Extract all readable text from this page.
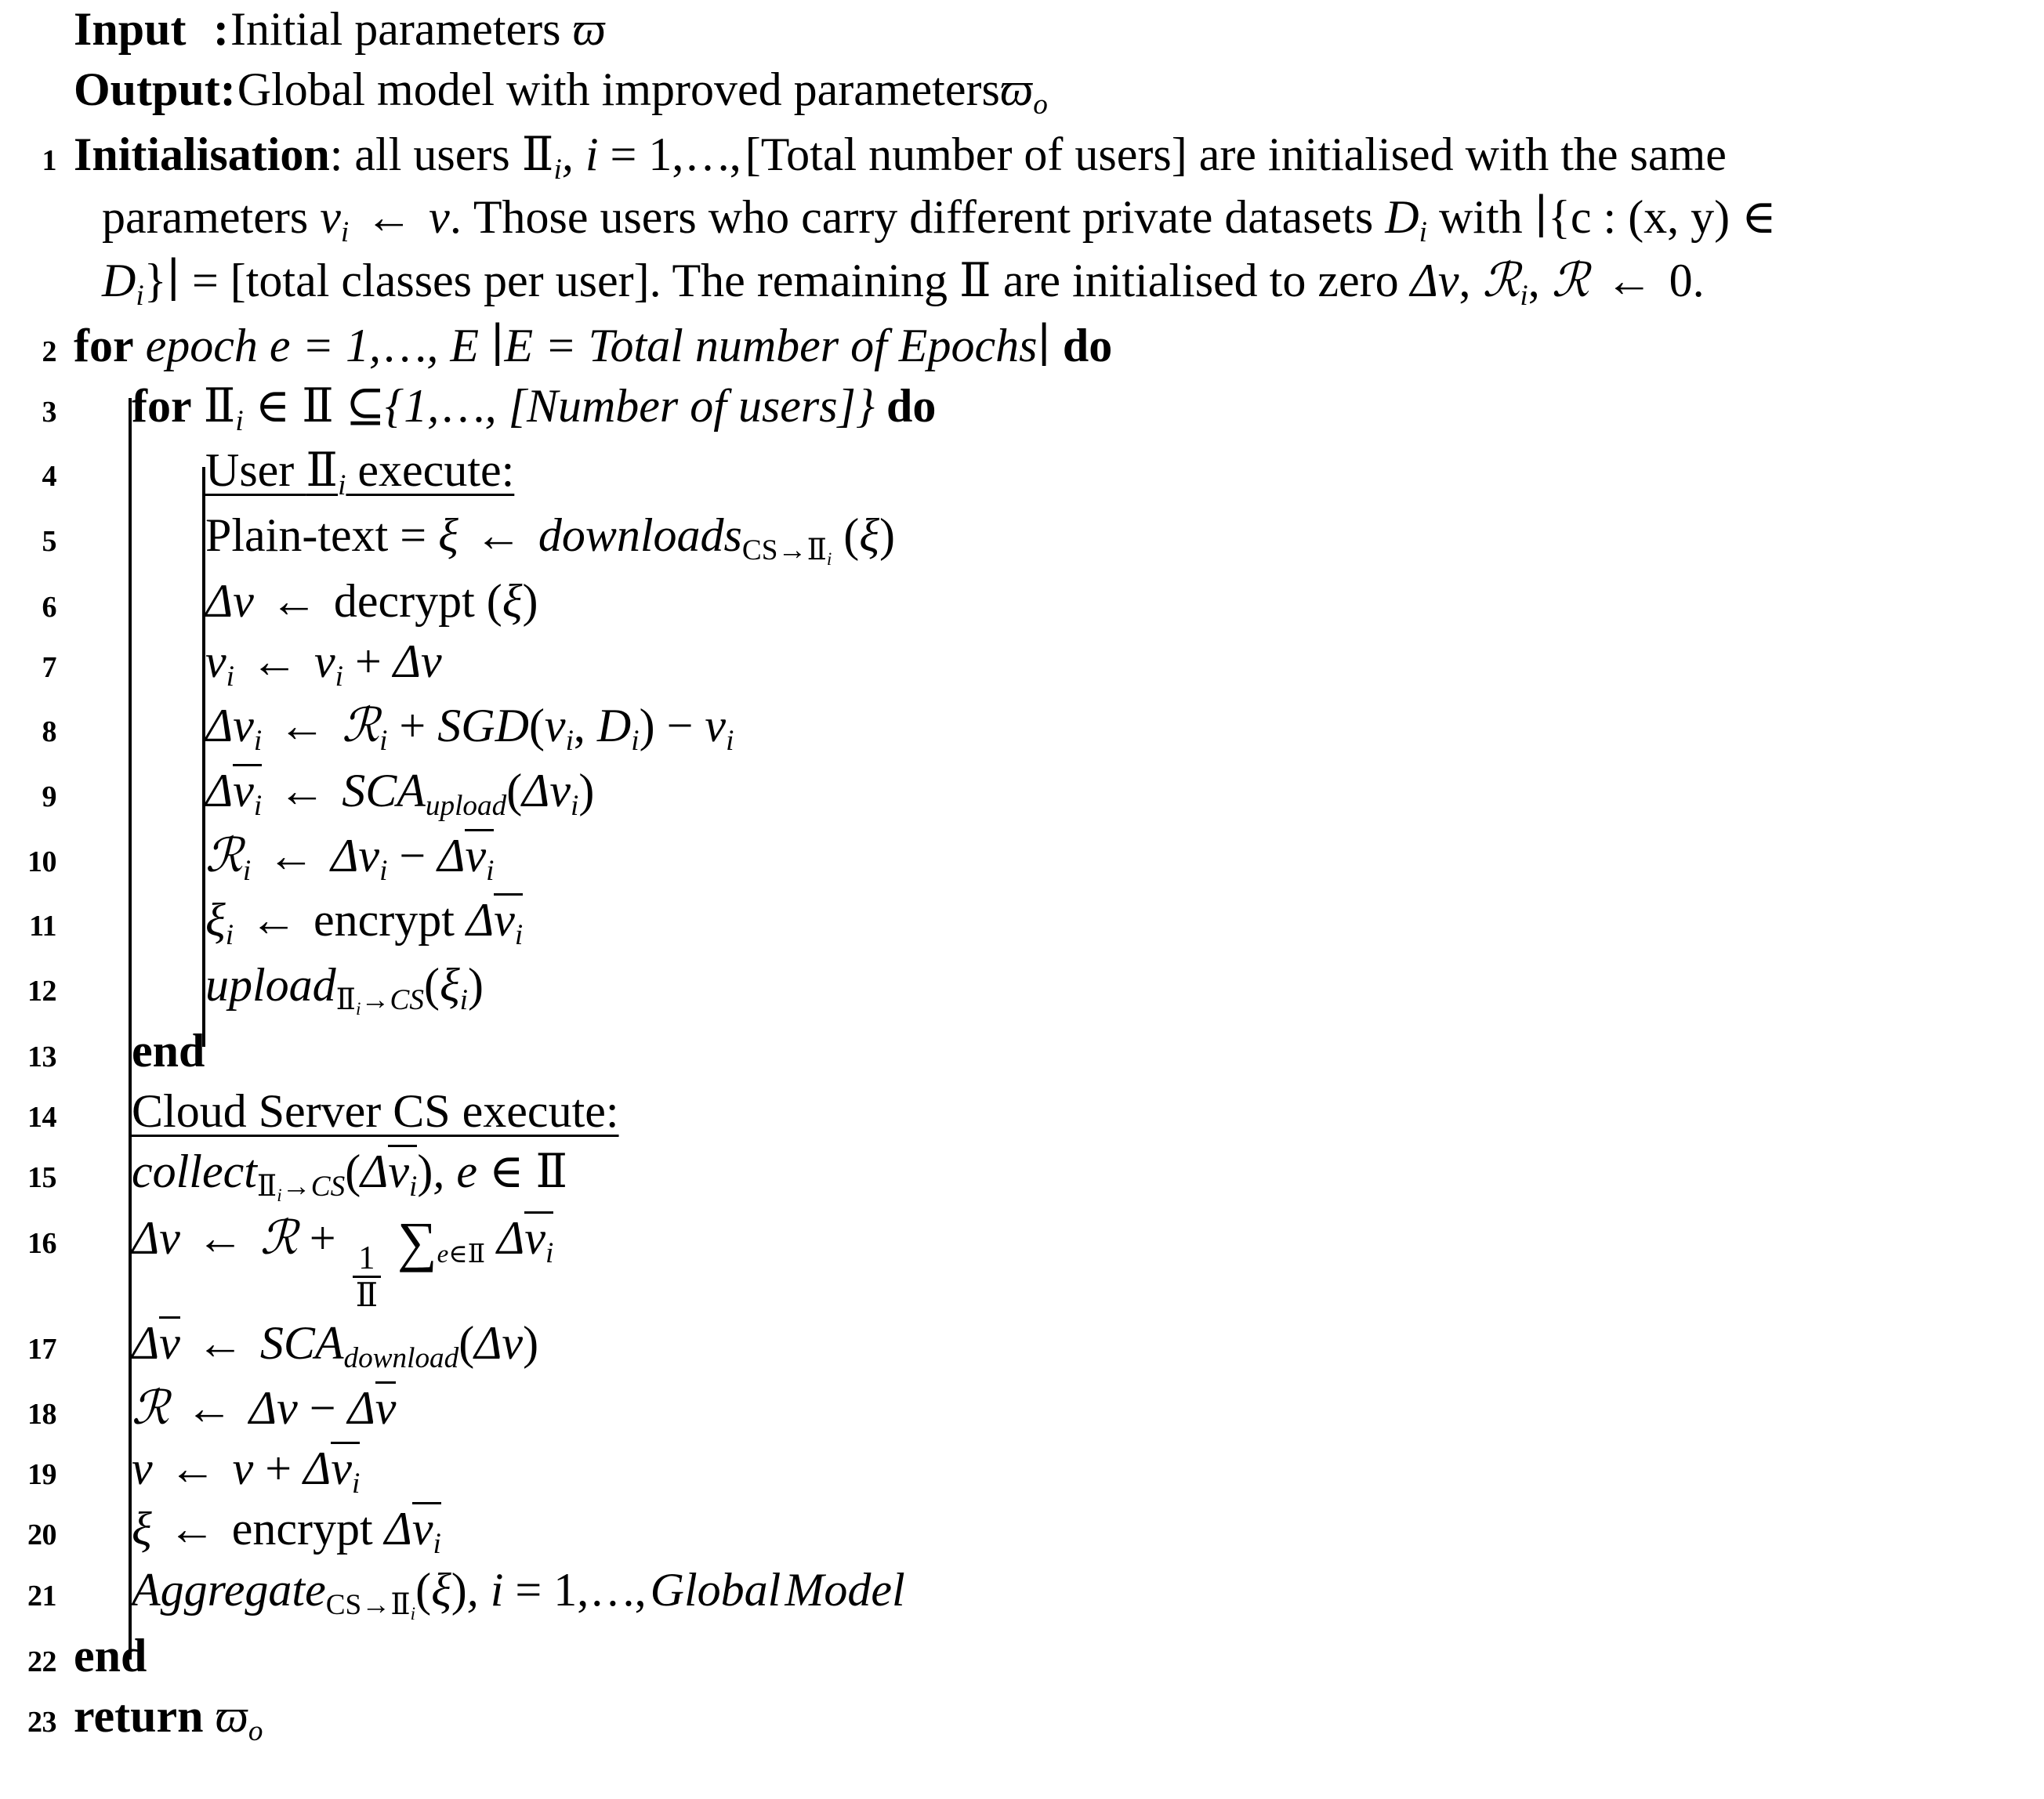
Input : Initial parameters ϖ
Output : Global model with improved parametersϖ$_o$
1 Initialisation: all users $Ⅱ_i$, i = 1, …, [Total number of users] are initialised with the same
parameters $\nu_i$ ← ν. Those users who carry different private datasets $D_i$ with ∣{c : (x, y) ∈
$D_i\}∣$ = [total classes per user]. The remaining Ⅱ are initialised to zero Δν, ℛ$_i$, ℛ ← 0.
2 for epoch e = 1, …, E ∣E = Total number of Epochs∣ do
3	for $Ⅱ_i$ ∈ Ⅱ ⊆{1, …, [Number of users]} do
4	User $Ⅱ_i$ execute:
5	Plain-text = ξ ← $downloadsCS\to Ⅱ_i$ (ξ)
6	Δν ← decrypt (ξ)
7	$\nu_i$ ← $\nu_i + \Delta\nu$
8	$\Delta\nu_i$ ← ℛ$_i$ + $SGD(\nu_i$, $D_i) - \nu_i$
9	$\Delta\nu_i$ ← $SCAupload(\Delta\nu_i)$
10	ℛ$_i$ ← $\Delta\nu_i - \Delta\nu_i$
11	$\xi_i$ ← encrypt $\Delta\nu_i$
12	$uploadⅡ_i\to CS(\xi_i)$
13	end
14	Cloud Server CS execute:
15	$collectⅡ_i\to CS(\Delta\nu_i)$, e ∈ Ⅱ
16	Δν ← ℛ +
$\frac{1}{\text{Ⅱ}}$ ∑e∈Ⅱ $\Delta\nu_i$
17	Δν ← SCAdownload(Δν)
18	ℛ ← Δν − Δν
19	ν ← $\nu + \Delta\nu_i$
20	ξ ← encrypt $\Delta\nu_i$
21	$AggregateCS\to Ⅱ_i(\xi)$, i = 1, …, Global Model
22 end
23 return $ϖ_o$
